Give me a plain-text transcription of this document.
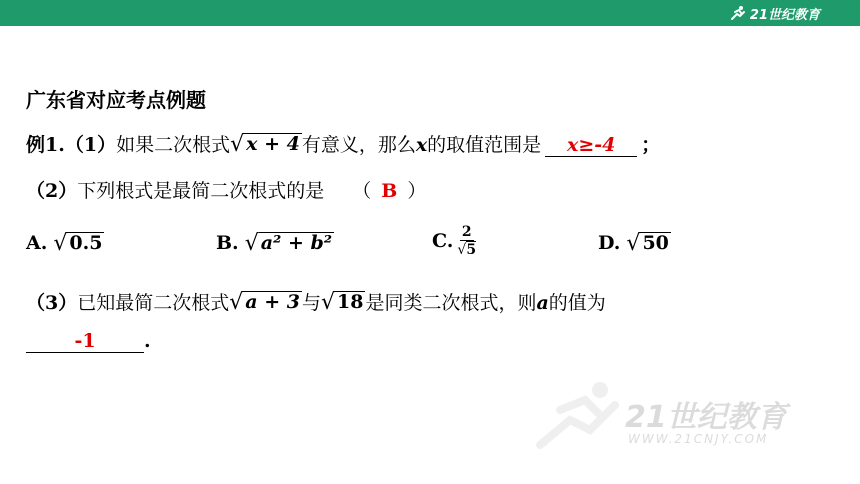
21世纪教育
21世纪教育
WWW.21CNJY.COM
广东省对应考点例题
例1. （1） 如果二次根式 √ x + 4 有意义，那么 x 的取值范围是	x≥-4	；
（2） 下列根式是最简二次根式的是 （ B ）
A. √ 0.5	B. √ a² + b²	C. $\frac{2}{√5}$	D. √ 50
（3） 已知最简二次根式 √ a + 3 与 √ 18 是同类二次根式，则 a 的值为
-1	.
